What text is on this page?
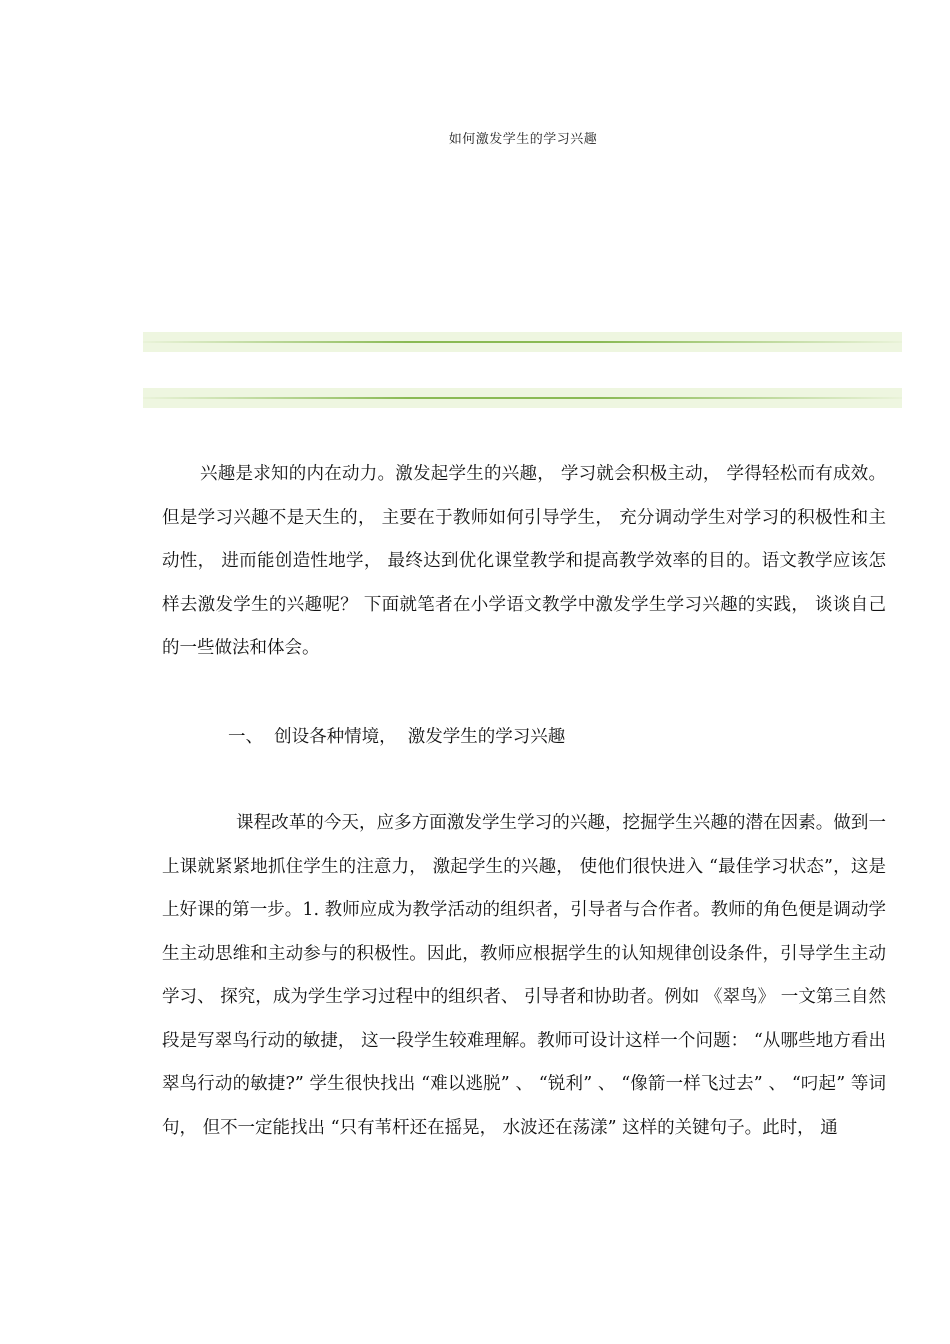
如何激发学生的学习兴趣

兴趣是求知的内在动力。激发起学生的兴趣， 学习就会积极主动， 学得轻松而有成效。但是学习兴趣不是天生的， 主要在于教师如何引导学生， 充分调动学生对学习的积极性和主动性， 进而能创造性地学， 最终达到优化课堂教学和提高教学效率的目的。语文教学应该怎样去激发学生的兴趣呢？ 下面就笔者在小学语文教学中激发学生学习兴趣的实践， 谈谈自己的一些做法和体会。

一、  创设各种情境，  激发学生的学习兴趣

课程改革的今天，应多方面激发学生学习的兴趣，挖掘学生兴趣的潜在因素。做到一上课就紧紧地抓住学生的注意力， 激起学生的兴趣， 使他们很快进入 “最佳学习状态”，这是上好课的第一步。1. 教师应成为教学活动的组织者，引导者与合作者。教师的角色便是调动学生主动思维和主动参与的积极性。因此，教师应根据学生的认知规律创设条件，引导学生主动学习、 探究，成为学生学习过程中的组织者、 引导者和协助者。例如 《翠鸟》 一文第三自然段是写翠鸟行动的敏捷， 这一段学生较难理解。教师可设计这样一个问题： “从哪些地方看出翠鸟行动的敏捷?” 学生很快找出 “难以逃脱” 、 “锐利” 、 “像箭一样飞过去” 、 “叼起” 等词句， 但不一定能找出 “只有苇杆还在摇晃， 水波还在荡漾” 这样的关键句子。此时， 通
